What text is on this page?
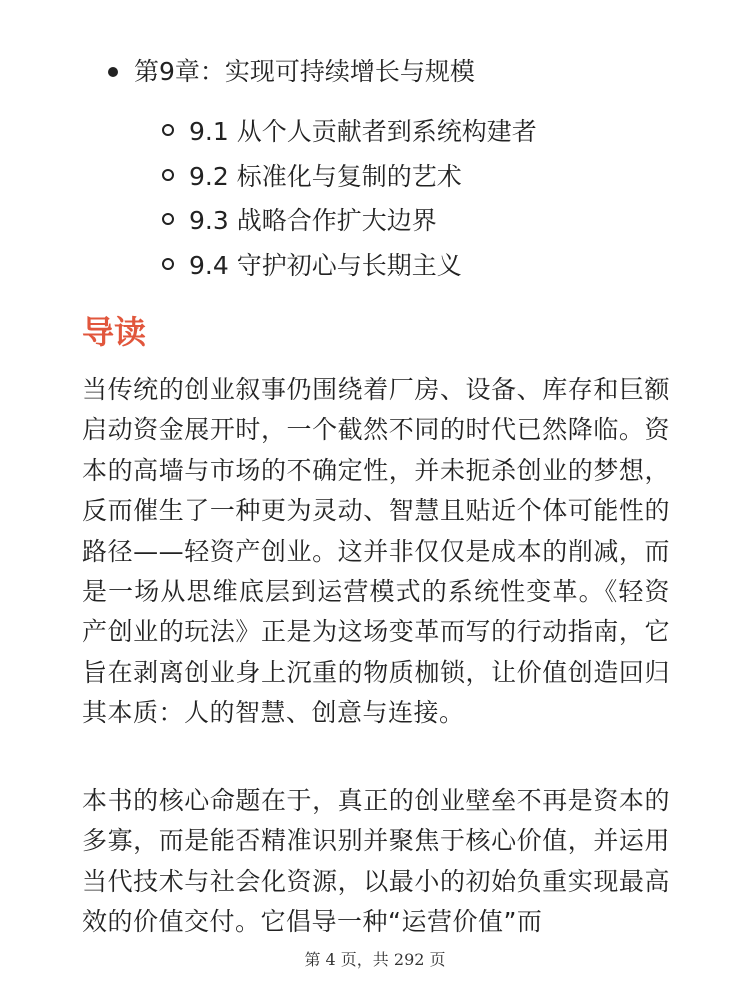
第9章：实现可持续增长与规模
9.1 从个人贡献者到系统构建者
9.2 标准化与复制的艺术
9.3 战略合作扩大边界
9.4 守护初心与长期主义
导读

当传统的创业叙事仍围绕着厂房、设备、库存和巨额启动资金展开时，一个截然不同的时代已然降临。资本的高墙与市场的不确定性，并未扼杀创业的梦想，反而催生了一种更为灵动、智慧且贴近个体可能性的路径——轻资产创业。这并非仅仅是成本的削减，而是一场从思维底层到运营模式的系统性变革。《轻资产创业的玩法》正是为这场变革而写的行动指南，它旨在剥离创业身上沉重的物质枷锁，让价值创造回归其本质：人的智慧、创意与连接。

本书的核心命题在于，真正的创业壁垒不再是资本的多寡，而是能否精准识别并聚焦于核心价值，并运用当代技术与社会化资源，以最小的初始负重实现最高效的价值交付。它倡导一种“运营价值”而

第 4 页，共 292 页
